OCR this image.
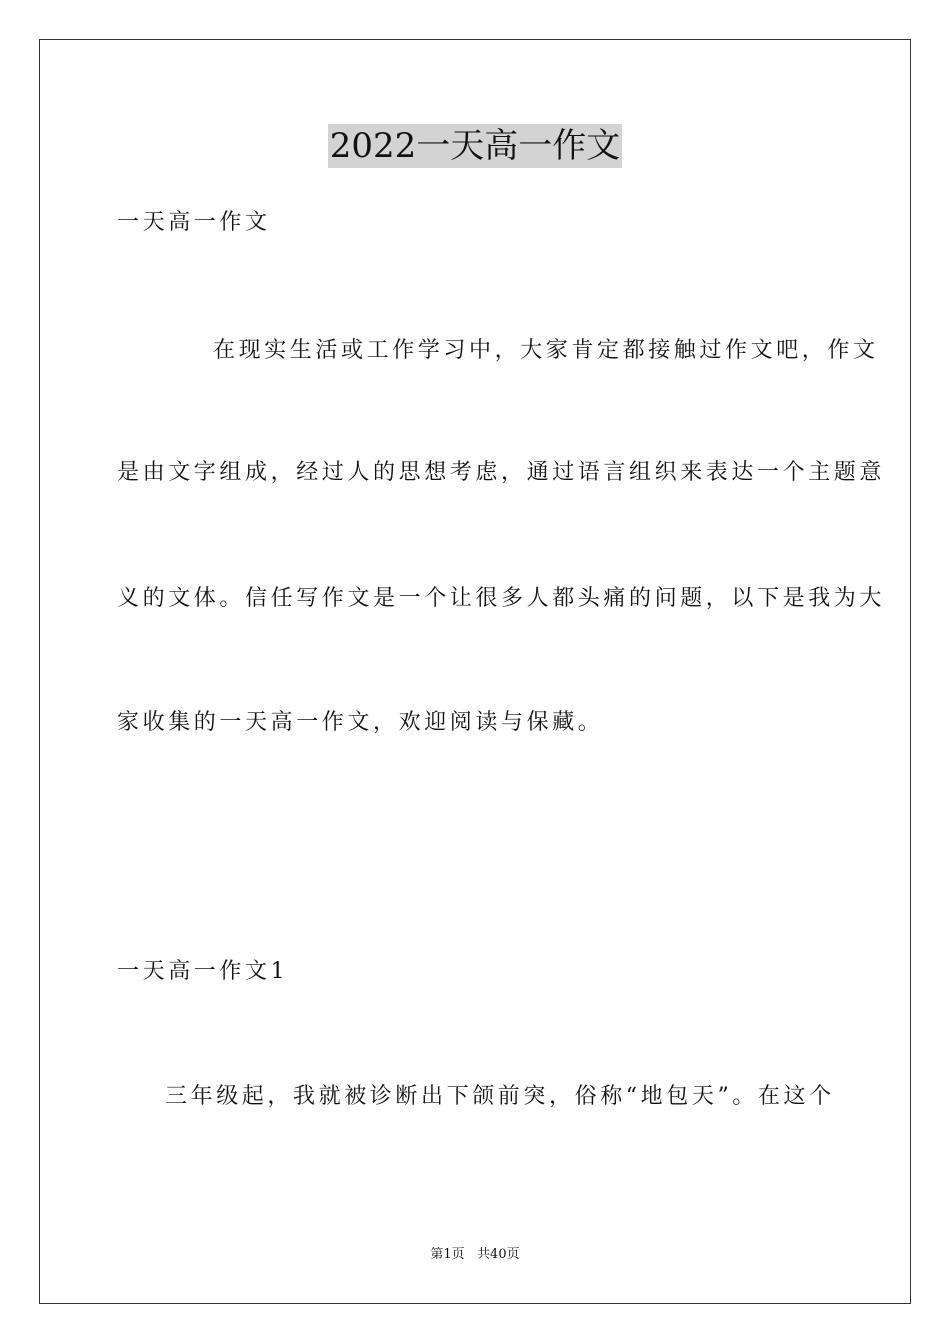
2022一天高一作文
一天高一作文
在现实生活或工作学习中，大家肯定都接触过作文吧，作文
是由文字组成，经过人的思想考虑，通过语言组织来表达一个主题意
义的文体。信任写作文是一个让很多人都头痛的问题，以下是我为大
家收集的一天高一作文，欢迎阅读与保藏。
一天高一作文1
三年级起，我就被诊断出下颌前突，俗称“地包天”。在这个
第1页   共40页
